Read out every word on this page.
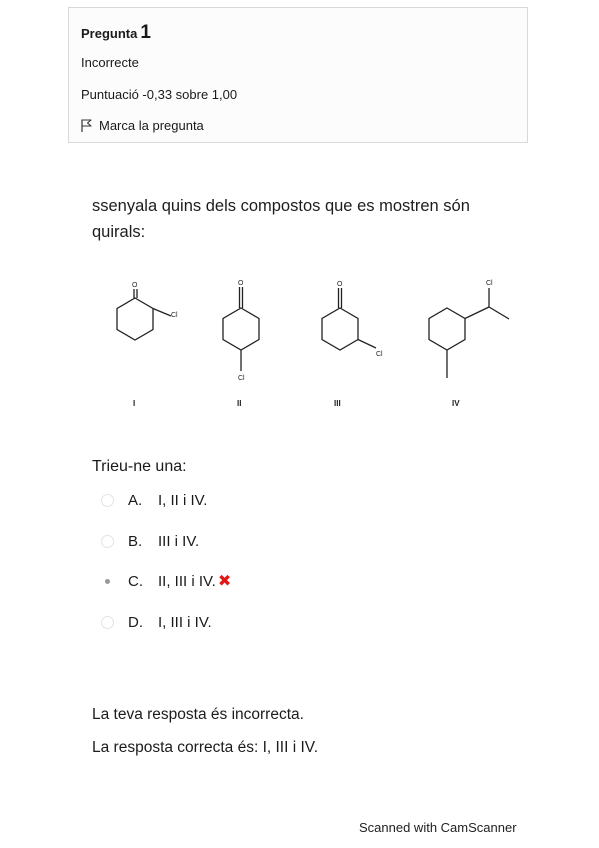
Pregunta 1
Incorrecte
Puntuació -0,33 sobre 1,00
Marca la pregunta
ssenyala quins dels compostos que es mostren són quirals:
O
Cl
O
Cl
O
Cl
Cl
I	II	III	IV
Trieu-ne una:
A.	I, II i IV.
B.	III i IV.
C.	II, III i IV. ✖
D.	I, III i IV.
La teva resposta és incorrecta.
La resposta correcta és: I, III i IV.
Scanned with CamScanner
